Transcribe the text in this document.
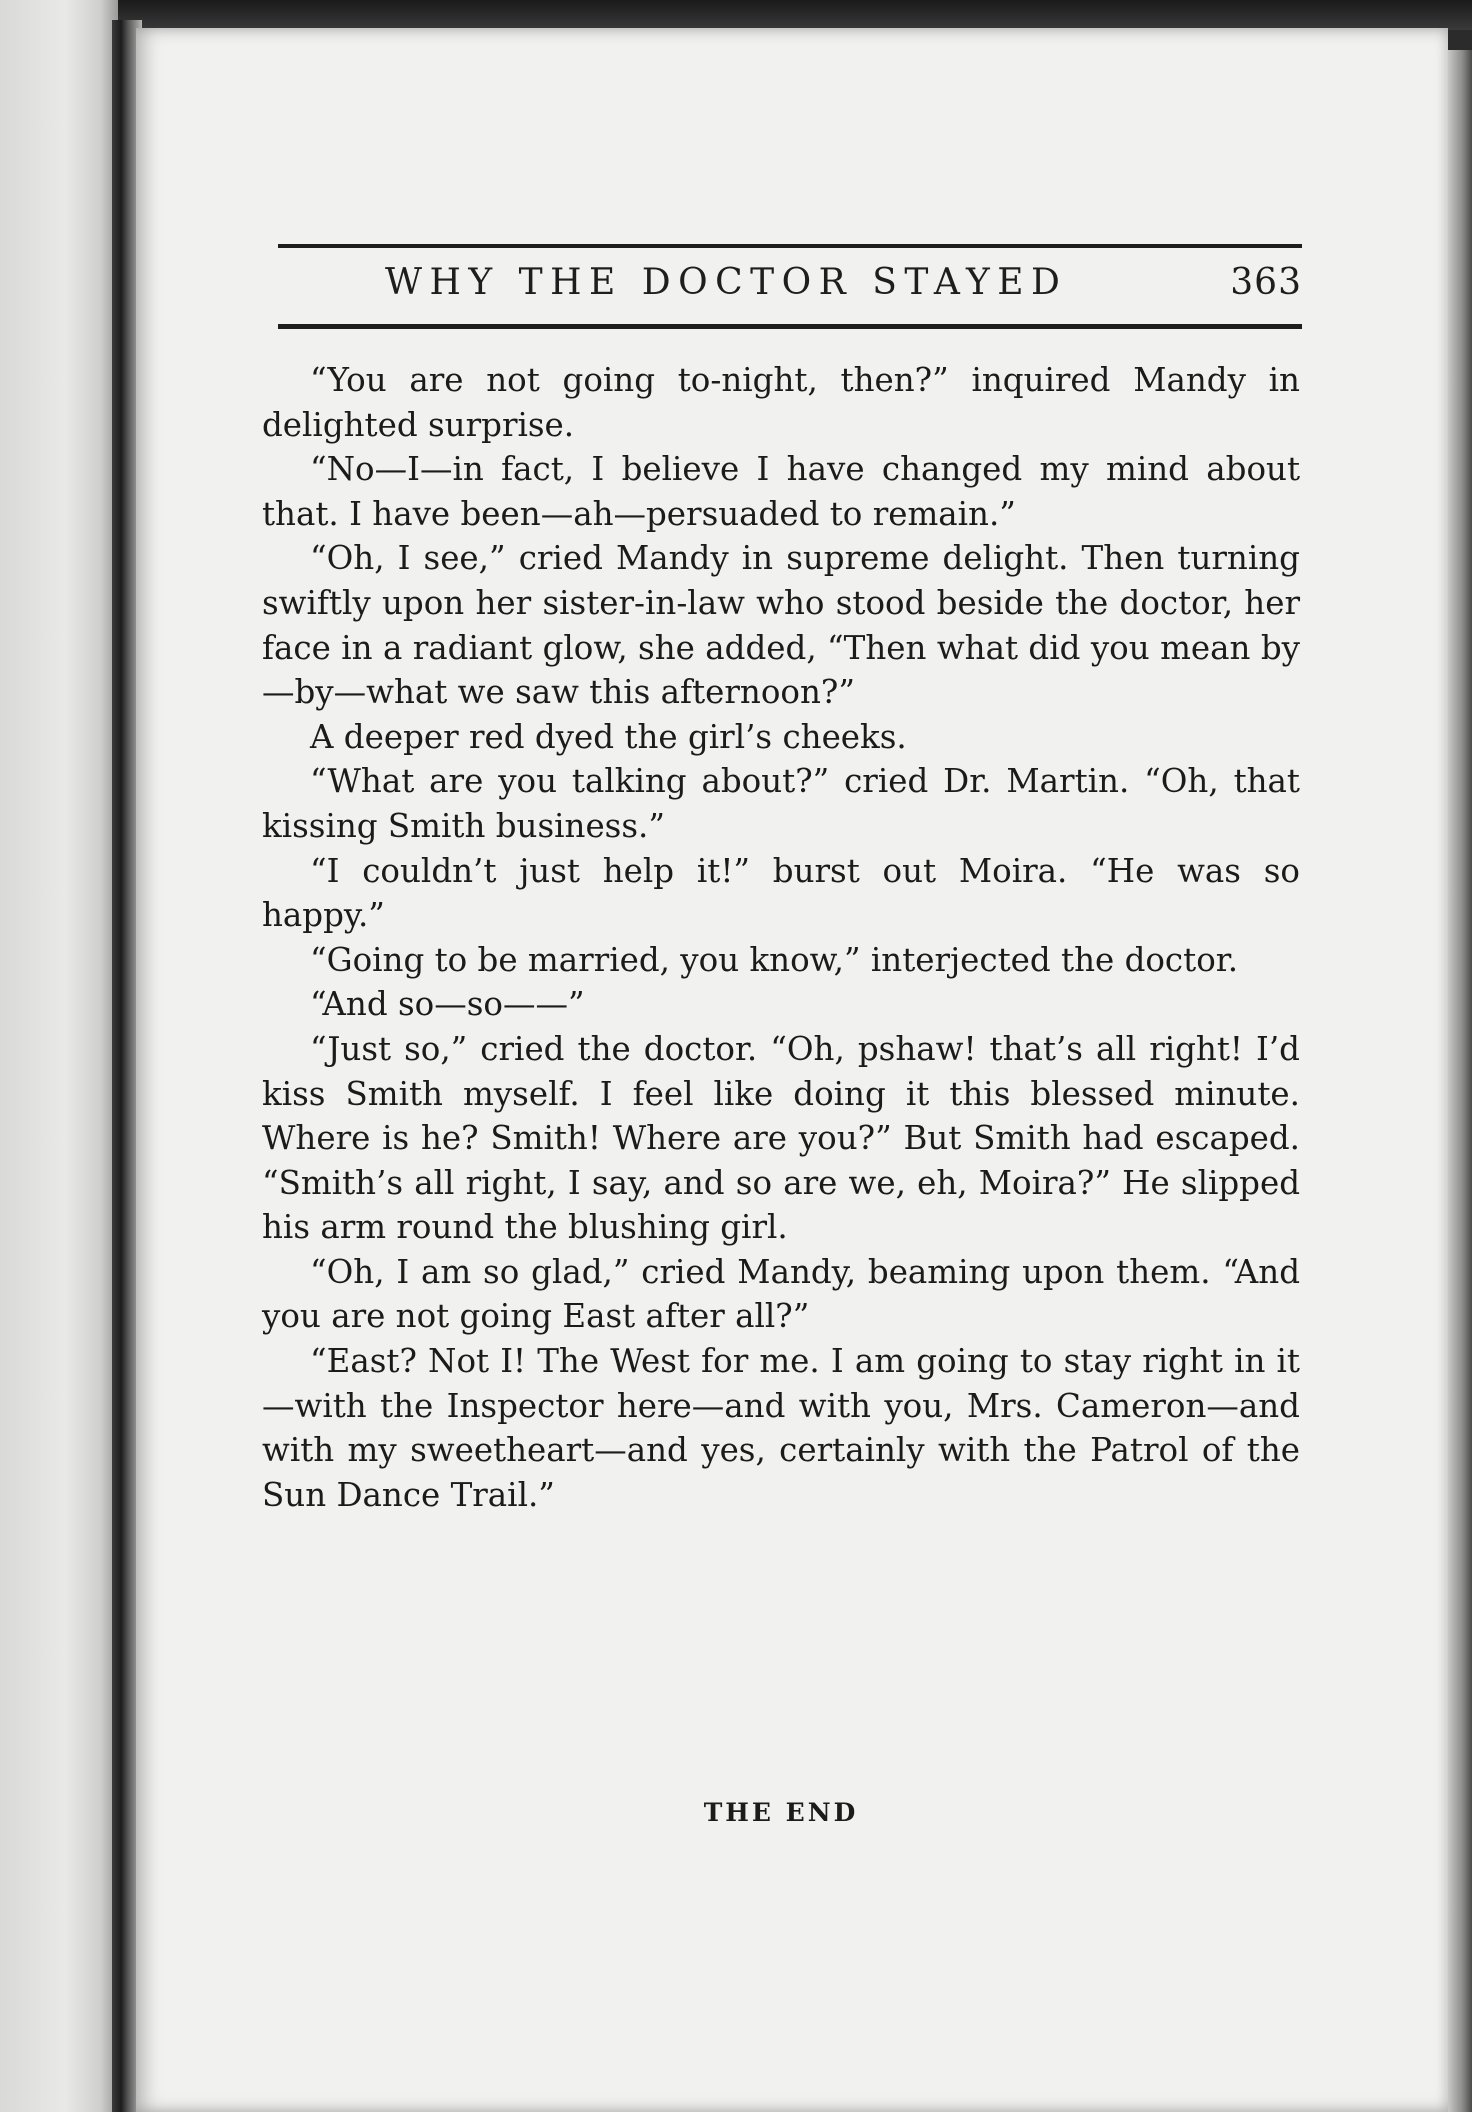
WHY THE DOCTOR STAYED	363

“You are not going to-night, then?” inquired Mandy in delighted surprise.

“No—I—in fact, I believe I have changed my mind about that. I have been—ah—persuaded to remain.”

“Oh, I see,” cried Mandy in supreme delight. Then turning swiftly upon her sister-in-law who stood beside the doctor, her face in a radiant glow, she added, “Then what did you mean by—by—what we saw this afternoon?”

A deeper red dyed the girl’s cheeks.

“What are you talking about?” cried Dr. Martin. “Oh, that kissing Smith business.”

“I couldn’t just help it!” burst out Moira. “He was so happy.”

“Going to be married, you know,” interjected the doctor.

“And so—so——”

“Just so,” cried the doctor. “Oh, pshaw! that’s all right! I’d kiss Smith myself. I feel like doing it this blessed minute. Where is he? Smith! Where are you?” But Smith had escaped. “Smith’s all right, I say, and so are we, eh, Moira?” He slipped his arm round the blushing girl.

“Oh, I am so glad,” cried Mandy, beaming upon them. “And you are not going East after all?”

“East? Not I! The West for me. I am going to stay right in it—with the Inspector here—and with you, Mrs. Cameron—and with my sweetheart—and yes, certainly with the Patrol of the Sun Dance Trail.”

THE END
